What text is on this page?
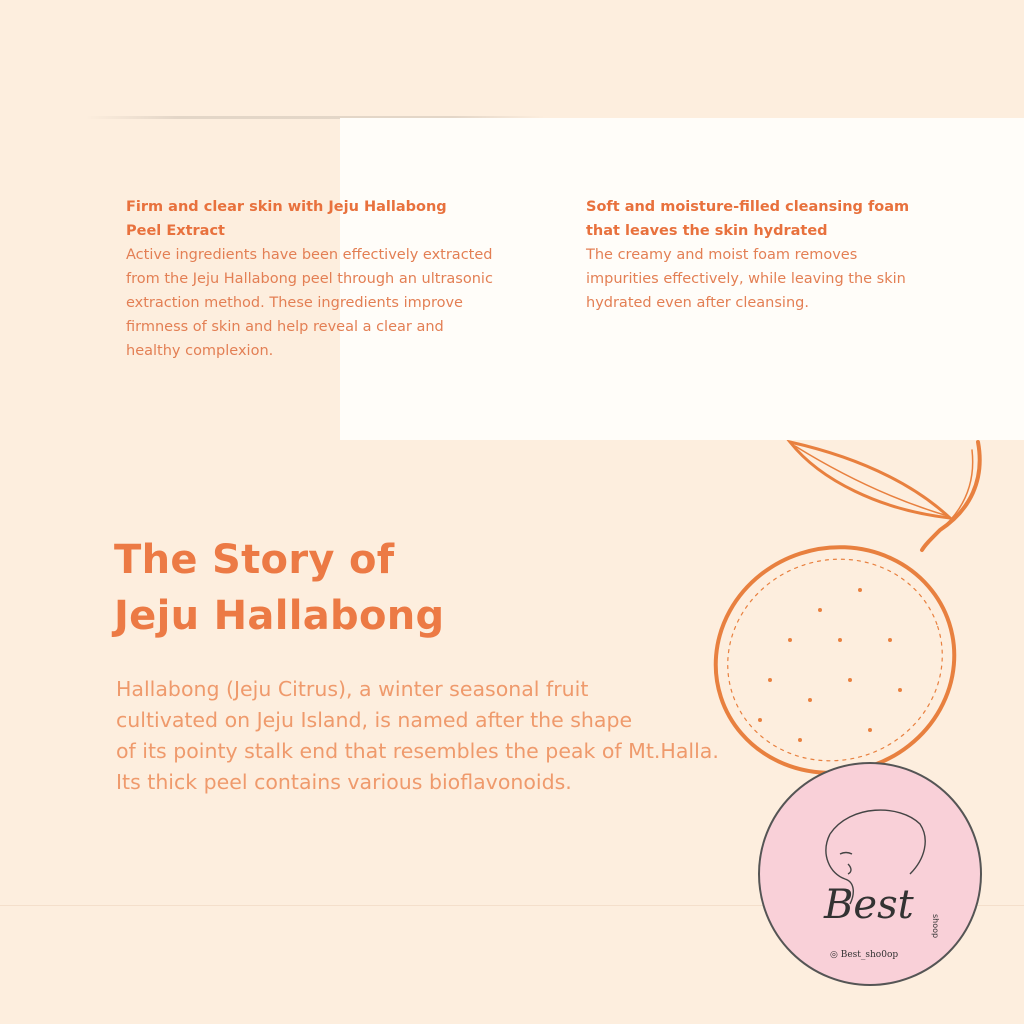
Firm and clear skin with Jeju Hallabong
Peel Extract
Active ingredients have been effectively extracted
from the Jeju Hallabong peel through an ultrasonic
extraction method. These ingredients improve
firmness of skin and help reveal a clear and
healthy complexion.
Soft and moisture-filled cleansing foam
that leaves the skin hydrated
The creamy and moist foam removes
impurities effectively, while leaving the skin
hydrated even after cleansing.
The Story of
Jeju Hallabong
Hallabong (Jeju Citrus), a winter seasonal fruit
cultivated on Jeju Island, is named after the shape
of its pointy stalk end that resembles the peak of Mt.Halla.
Its thick peel contains various bioflavonoids.
Best shoop
◎ Best_sho0op
